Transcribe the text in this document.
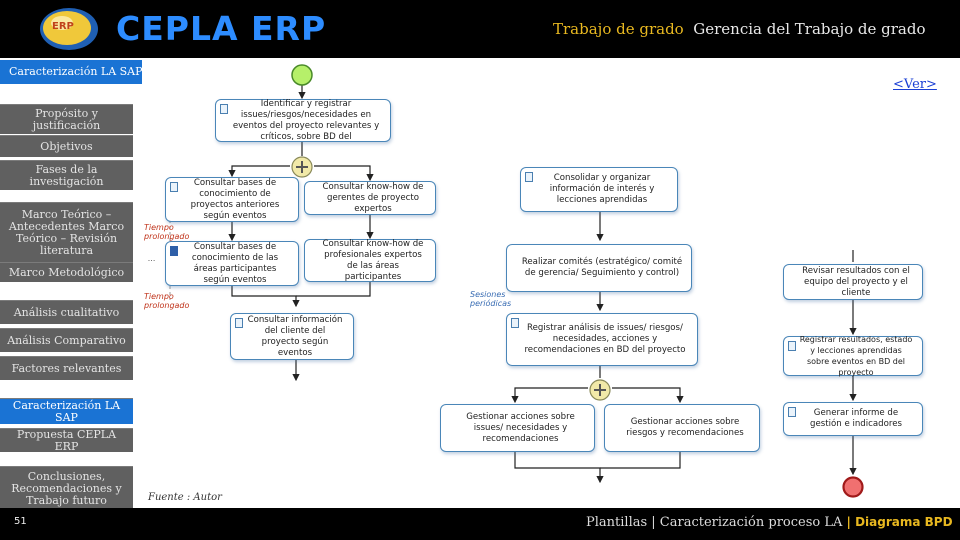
ERP CEPLA ERP	Trabajo de grado Gerencia del Trabajo de grado
Caracterización LA SAP
Propósito y justificación
Objetivos
Fases de la investigación
Marco Teórico – Antecedentes Marco Teórico – Revisión literatura
Marco Metodológico
Análisis cualitativo
Análisis Comparativo
Factores relevantes
Caracterización LA SAP
Propuesta CEPLA ERP
Conclusiones, Recomendaciones y Trabajo futuro
Identificar y registrar issues/riesgos/necesidades en eventos del proyecto relevantes y críticos, sobre BD del
Consultar bases de conocimiento de proyectos anteriores según eventos
Consultar know-how de gerentes de proyecto expertos
Consultar bases de conocimiento de las áreas participantes según eventos
Consultar know-how de profesionales expertos de las áreas participantes
Consultar información del cliente del proyecto según eventos
Consolidar y organizar información de interés y lecciones aprendidas
Realizar comités (estratégico/ comité de gerencia/ Seguimiento y control)
Registrar análisis de issues/ riesgos/ necesidades, acciones y recomendaciones en BD del proyecto
Gestionar acciones sobre issues/ necesidades y recomendaciones
Gestionar acciones sobre riesgos y recomendaciones
Revisar resultados con el equipo del proyecto y el cliente
Registrar resultados, estado y lecciones aprendidas sobre eventos en BD del proyecto
Generar informe de gestión e indicadores
Tiempo prolongado
Tiempo prolongado
Sesiones periódicas
...
<Ver>
Fuente : Autor
51	Plantillas | Caracterización proceso LA | Diagrama BPD
